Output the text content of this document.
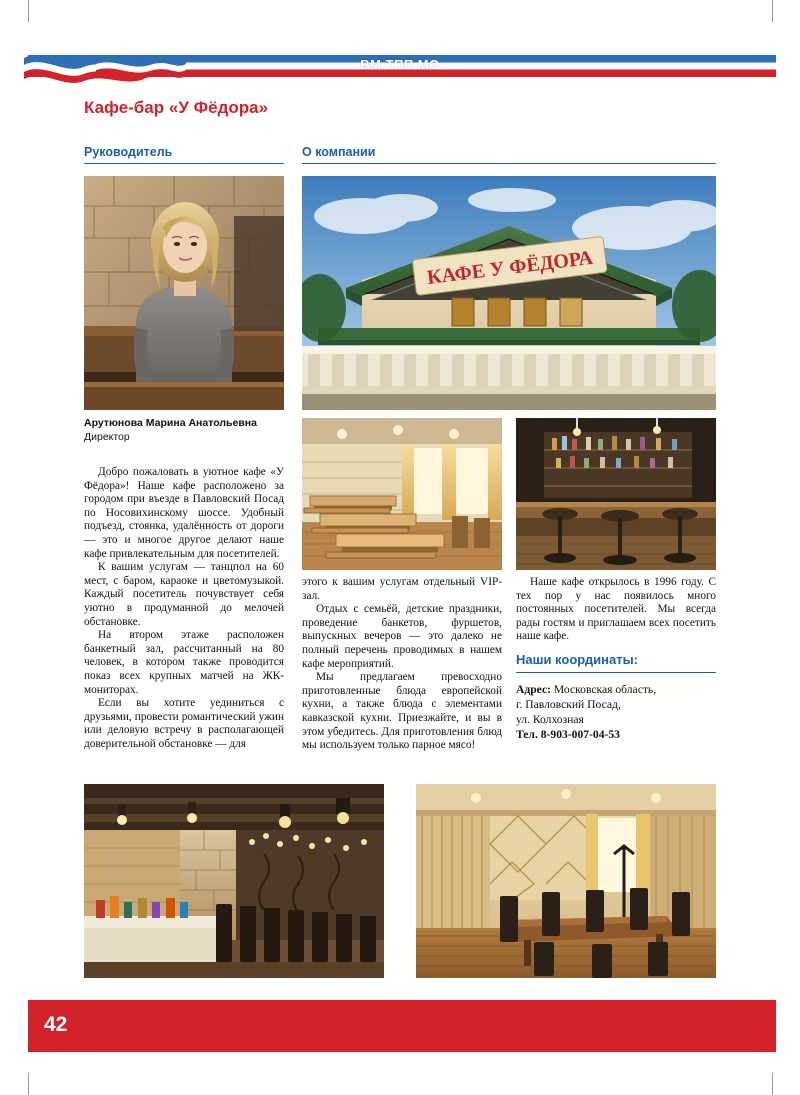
ВМ ТПП МО
Кафе-бар «У Фёдора»
Руководитель
Арутюнова Марина Анатольевна
Директор

Добро пожаловать в уютное кафе «У Фёдора»! Наше кафе расположено за городом при въезде в Павловский Посад по Носовихинскому шоссе. Удобный подъезд, стоянка, удалённость от дороги — это и многое другое делают наше кафе привлекательным для посетителей.

К вашим услугам — танцпол на 60 мест, с баром, караоке и цветомузыкой. Каждый посетитель почувствует себя уютно в продуманной до мелочей обстановке.

На втором этаже расположен банкетный зал, рассчитанный на 80 человек, в котором также проводится показ всех крупных матчей на ЖК-мониторах.

Если вы хотите уединиться с друзьями, провести романтический ужин или деловую встречу в располагающей доверительной обстановке — для

О компании
КАФЕ У ФЁДОРА

этого к вашим услугам отдельный VIP-зал.

Отдых с семьёй, детские праздники, проведение банкетов, фуршетов, выпускных вечеров — это далеко не полный перечень проводимых в нашем кафе мероприятий.

Мы предлагаем превосходно приготовленные блюда европейской кухни, а также блюда с элементами кавказской кухни. Приезжайте, и вы в этом убедитесь. Для приготовления блюд мы используем только парное мясо!

Наше кафе открылось в 1996 году. С тех пор у нас появилось много постоянных посетителей. Мы всегда рады гостям и приглашаем всех посетить наше кафе.

Наши координаты:
Адрес: Московская область,
г. Павловский Посад,
ул. Колхозная
Тел. 8-903-007-04-53
42
